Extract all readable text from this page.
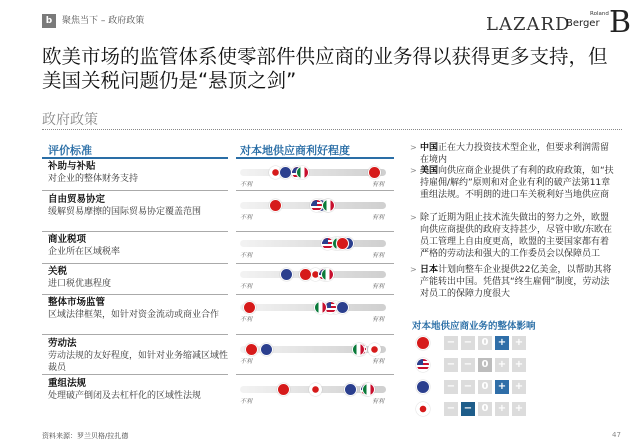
b	聚焦当下 – 政府政策	LAZARD	Roland
Berger B
欧美市场的监管体系使零部件供应商的业务得以获得更多支持，但美国关税问题仍是“悬顶之剑”
政府政策
评价标准	对本地供应商利好程度
补助与补贴
对企业的整体财务支持
自由贸易协定
缓解贸易摩擦的国际贸易协定覆盖范围
商业税项
企业所在区域税率
关税
进口税优惠程度
整体市场监管
区域法律框架，如针对资金流动或商业合作
劳动法
劳动法规的友好程度，如针对业务缩减区域性裁员
重组法规
处理破产倒闭及去杠杆化的区域性法规
不利	有利
不利	有利
不利	有利
不利	有利
不利	有利
不利	有利
不利	有利
> 中国正在大力投资技术型企业，但要求利润需留在境内
> 美国向供应商企业提供了有利的政府政策，如“扶持雇佣/解约”原则和对企业有利的破产法第11章重组法规。不明朗的进口车关税利好当地供应商
> 除了近期为阻止技术流失做出的努力之外，欧盟向供应商提供的政府支持甚少，尽管中欧/东欧在员工管理上自由度更高，欧盟的主要国家都有着严格的劳动法和强大的工作委员会以保障员工
> 日本计划向整车企业提供22亿美金，以帮助其将产能转出中国。凭借其“终生雇佣”制度，劳动法对员工的保障力度很大
对本地供应商业务的整体影响
− − 0 + +
− − 0 + +
− − 0 + +
− − 0 + +
资料来源：罗兰贝格/拉扎德	47
